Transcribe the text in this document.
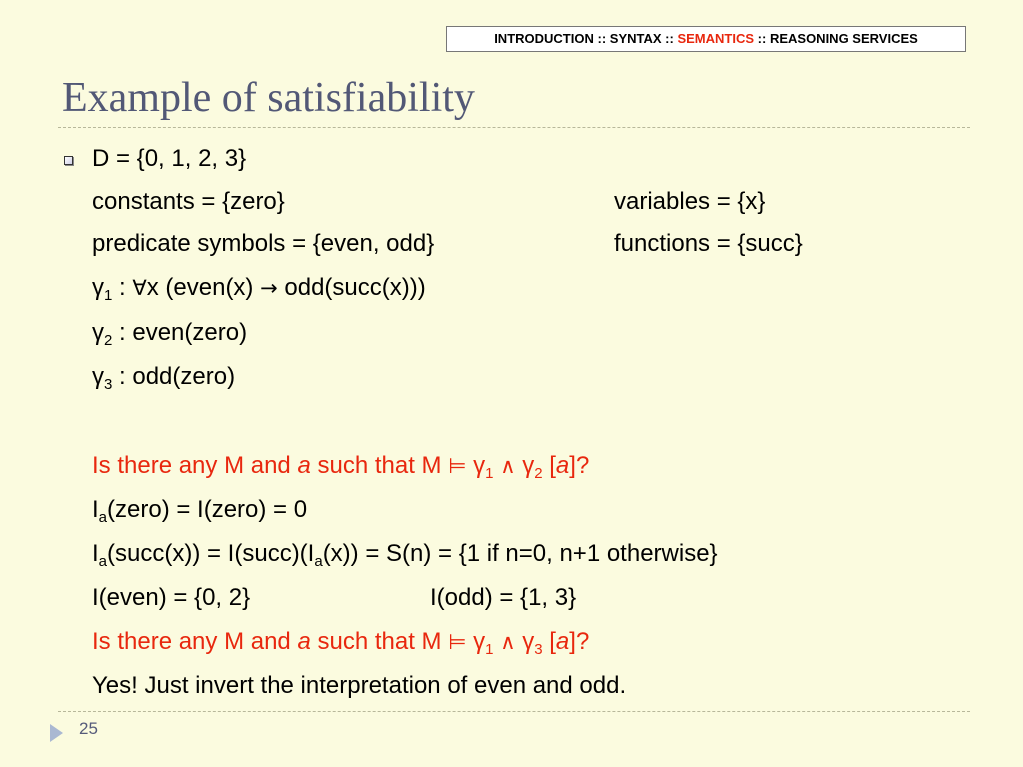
INTRODUCTION :: SYNTAX :: SEMANTICS :: REASONING SERVICES
Example of satisfiability
D = {0, 1, 2, 3}
constants = {zero}	variables = {x}
predicate symbols = {even, odd}	functions = {succ}
$\gamma_1$ : ∀x (even(x) → odd(succ(x)))
$\gamma_2$ : even(zero)
$\gamma_3$ : odd(zero)
Is there any M and a such that M ⊨ $\gamma_1$ ∧ $\gamma_2$ [a]?
$I_a(zero)$ = I(zero) = 0
$I_a(succ(x))$ = $I(succ)(I_a(x)) = S(n) = \{1$ if n=0, n+1 otherwise}
I(even) = {0, 2}	I(odd) = {1, 3}
Is there any M and a such that M ⊨ $\gamma_1$ ∧ $\gamma_3$ [a]?
Yes! Just invert the interpretation of even and odd.
25
